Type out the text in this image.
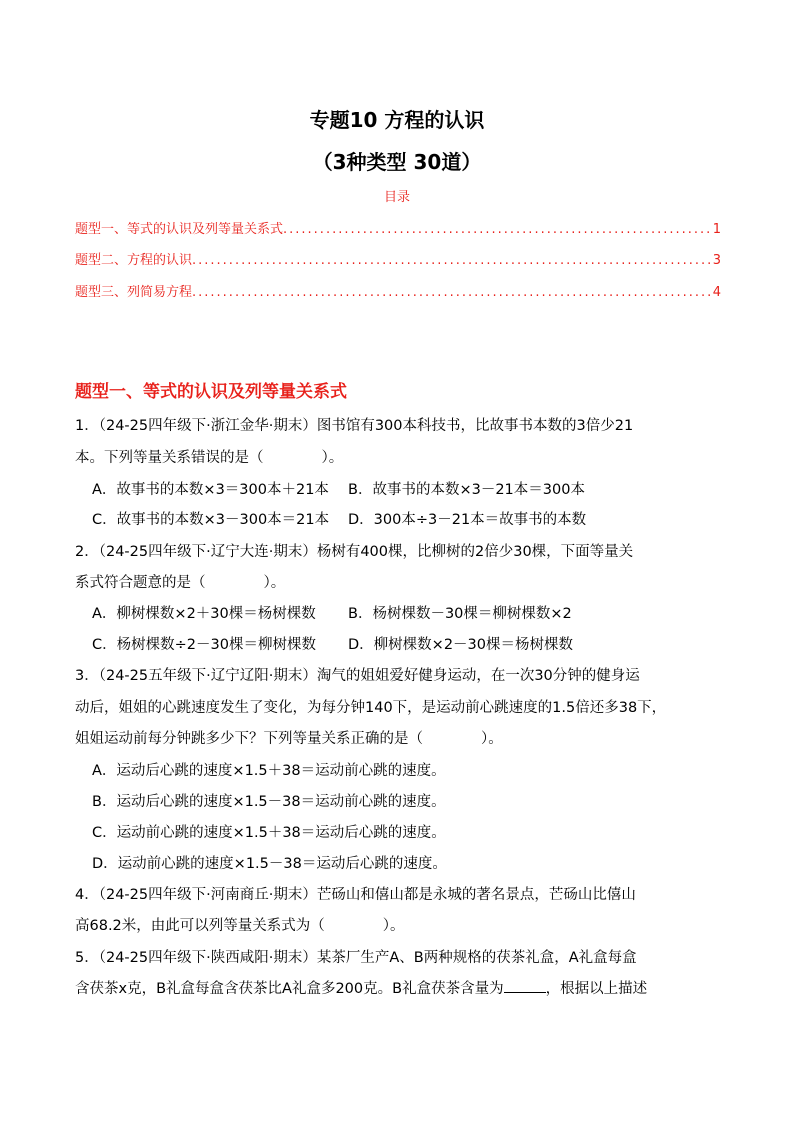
专题10 方程的认识
（3种类型 30道）
目录
题型一、等式的认识及列等量关系式 .....	1
题型二、方程的认识 .....	3
题型三、列简易方程 .....	4
题型一、等式的认识及列等量关系式
1．（24-25四年级下·浙江金华·期末）图书馆有300本科技书，比故事书本数的3倍少21
本。下列等量关系错误的是（　　　　）。
A．故事书的本数×3＝300本＋21本 B．故事书的本数×3－21本＝300本
C．故事书的本数×3－300本＝21本 D．300本÷3－21本＝故事书的本数
2．（24-25四年级下·辽宁大连·期末）杨树有400棵，比柳树的2倍少30棵，下面等量关
系式符合题意的是（　　　　）。
A．柳树棵数×2＋30棵＝杨树棵数 B．杨树棵数－30棵＝柳树棵数×2
C．杨树棵数÷2－30棵＝柳树棵数 D．柳树棵数×2－30棵＝杨树棵数
3．（24-25五年级下·辽宁辽阳·期末）淘气的姐姐爱好健身运动，在一次30分钟的健身运
动后，姐姐的心跳速度发生了变化，为每分钟140下，是运动前心跳速度的1.5倍还多38下，
姐姐运动前每分钟跳多少下？下列等量关系正确的是（　　　　）。
A．运动后心跳的速度×1.5＋38＝运动前心跳的速度。
B．运动后心跳的速度×1.5－38＝运动前心跳的速度。
C．运动前心跳的速度×1.5＋38＝运动后心跳的速度。
D．运动前心跳的速度×1.5－38＝运动后心跳的速度。
4．（24-25四年级下·河南商丘·期末）芒砀山和僖山都是永城的著名景点，芒砀山比僖山
高68.2米，由此可以列等量关系式为（　　　　）。
5．（24-25四年级下·陕西咸阳·期末）某茶厂生产A、B两种规格的茯茶礼盒，A礼盒每盒
含茯茶x克，B礼盒每盒含茯茶比A礼盒多200克。B礼盒茯茶含量为	，根据以上描述
